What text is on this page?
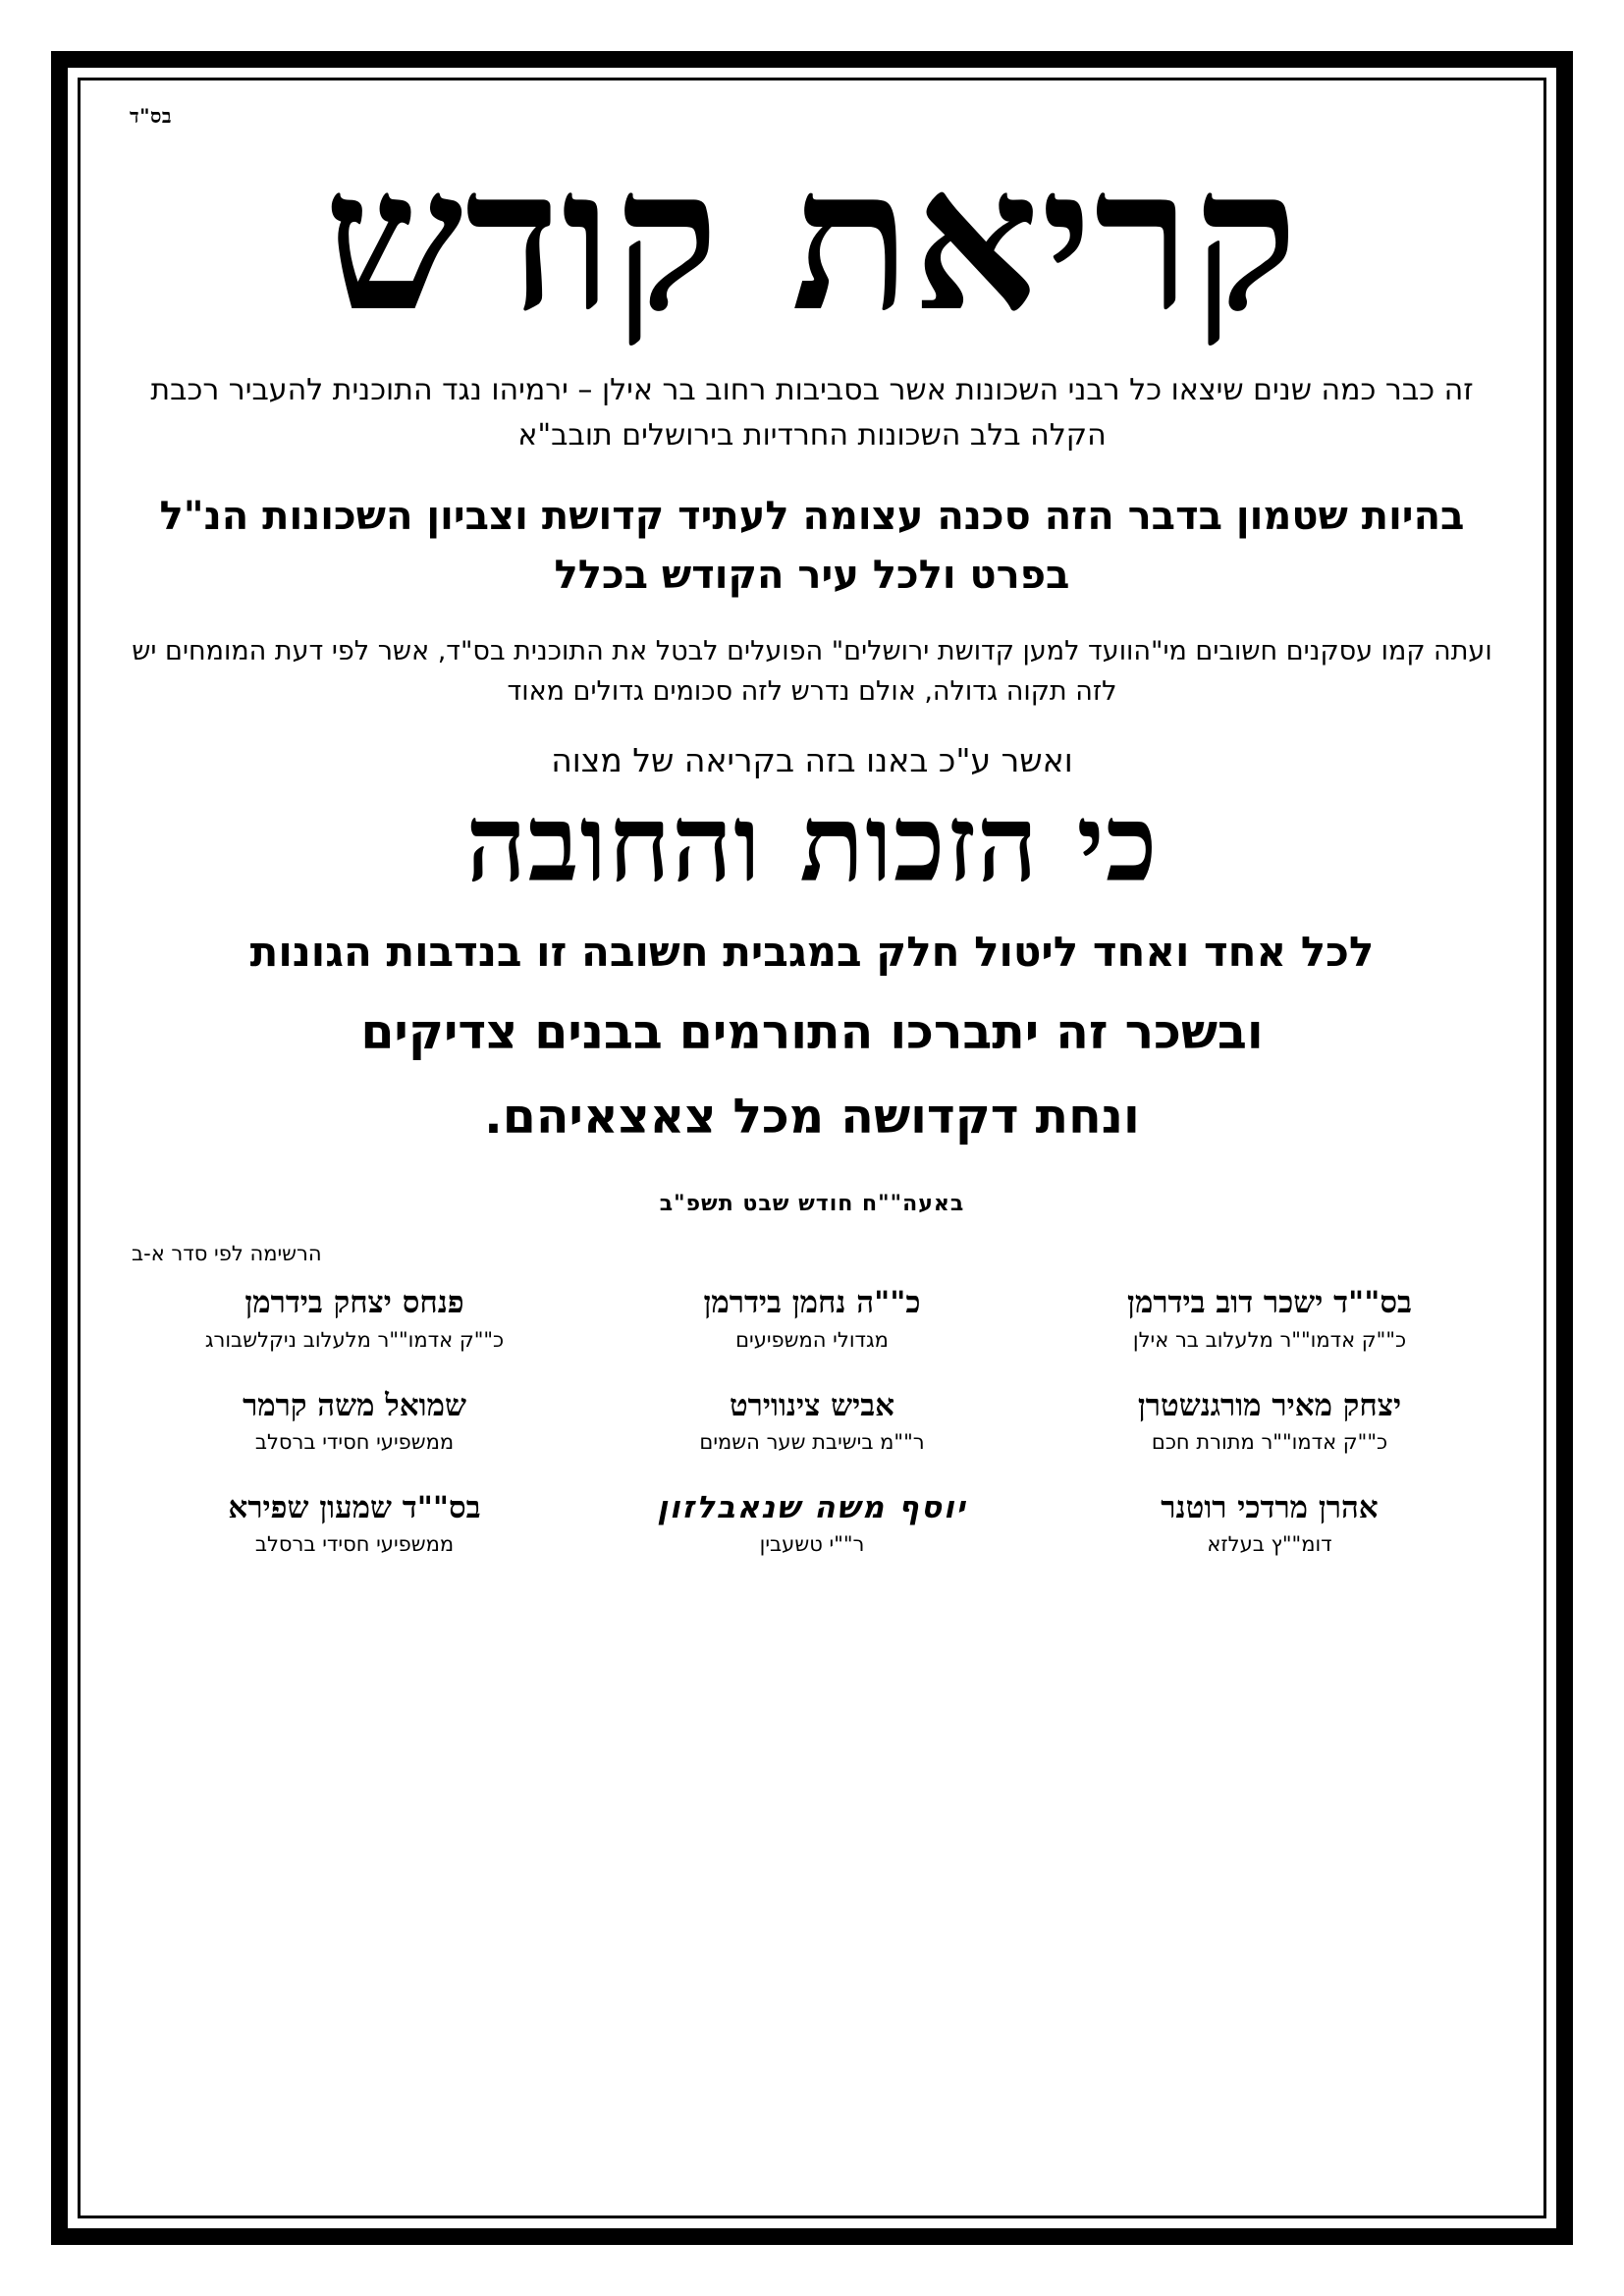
בס"ד
קריאת קודש
זה כבר כמה שנים שיצאו כל רבני השכונות אשר בסביבות רחוב בר אילן – ירמיהו נגד התוכנית להעביר רכבת הקלה בלב השכונות החרדיות בירושלים תובב"א
בהיות שטמון בדבר הזה סכנה עצומה לעתיד קדושת וצביון השכונות הנ"ל בפרט ולכל עיר הקודש בכלל
ועתה קמו עסקנים חשובים מי"הוועד למען קדושת ירושלים" הפועלים לבטל את התוכנית בס"ד, אשר לפי דעת המומחים יש לזה תקוה גדולה, אולם נדרש לזה סכומים גדולים מאוד
ואשר ע"כ באנו בזה בקריאה של מצוה
כי הזכות והחובה
לכל אחד ואחד ליטול חלק במגבית חשובה זו בנדבות הגונות
ובשכר זה יתברכו התורמים בבנים צדיקים
ונחת דקדושה מכל צאצאיהם.
באעה""ח חודש שבט תשפ"ב
הרשימה לפי סדר א-ב
בס""ד ישכר דוב בידרמן
כ""ק אדמו""ר מלעלוב בר אילן
כ""ה נחמן בידרמן
מגדולי המשפיעים
פנחס יצחק בידרמן
כ""ק אדמו""ר מלעלוב ניקלשבורג
יצחק מאיר מורגנשטרן
כ""ק אדמו""ר מתורת חכם
אביש צינווירט
ר""מ בישיבת שער השמים
שמואל משה קרמר
ממשפיעי חסידי ברסלב
אהרן מרדכי רוטנר
דומ""ץ בעלזא
יוסף משה שנאבלזון
ר""י טשעבין
בס""ד שמעון שפירא
ממשפיעי חסידי ברסלב
